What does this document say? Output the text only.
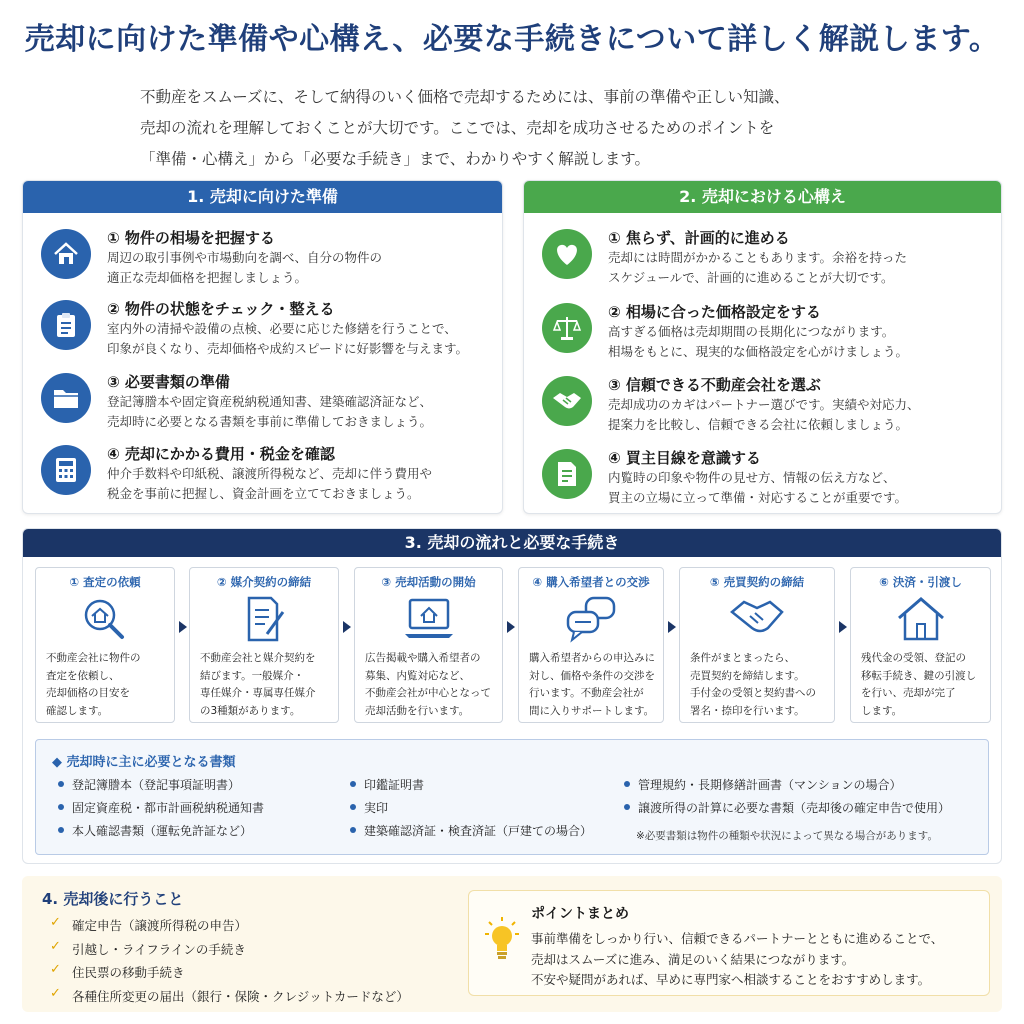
売却に向けた準備や心構え、必要な手続きについて詳しく解説します。
不動産をスムーズに、そして納得のいく価格で売却するためには、事前の準備や正しい知識、
売却の流れを理解しておくことが大切です。ここでは、売却を成功させるためのポイントを
「準備・心構え」から「必要な手続き」まで、わかりやすく解説します。
1. 売却に向けた準備
① 物件の相場を把握する
周辺の取引事例や市場動向を調べ、自分の物件の
適正な売却価格を把握しましょう。
② 物件の状態をチェック・整える
室内外の清掃や設備の点検、必要に応じた修繕を行うことで、
印象が良くなり、売却価格や成約スピードに好影響を与えます。
③ 必要書類の準備
登記簿謄本や固定資産税納税通知書、建築確認済証など、
売却時に必要となる書類を事前に準備しておきましょう。
④ 売却にかかる費用・税金を確認
仲介手数料や印紙税、譲渡所得税など、売却に伴う費用や
税金を事前に把握し、資金計画を立てておきましょう。
2. 売却における心構え
① 焦らず、計画的に進める
売却には時間がかかることもあります。余裕を持った
スケジュールで、計画的に進めることが大切です。
② 相場に合った価格設定をする
高すぎる価格は売却期間の長期化につながります。
相場をもとに、現実的な価格設定を心がけましょう。
③ 信頼できる不動産会社を選ぶ
売却成功のカギはパートナー選びです。実績や対応力、
提案力を比較し、信頼できる会社に依頼しましょう。
④ 買主目線を意識する
内覧時の印象や物件の見せ方、情報の伝え方など、
買主の立場に立って準備・対応することが重要です。
3. 売却の流れと必要な手続き
① 査定の依頼
不動産会社に物件の
査定を依頼し、
売却価格の目安を
確認します。
② 媒介契約の締結
不動産会社と媒介契約を
結びます。一般媒介・
専任媒介・専属専任媒介
の3種類があります。
③ 売却活動の開始
広告掲載や購入希望者の
募集、内覧対応など、
不動産会社が中心となって
売却活動を行います。
④ 購入希望者との交渉
購入希望者からの申込みに
対し、価格や条件の交渉を
行います。不動産会社が
間に入りサポートします。
⑤ 売買契約の締結
条件がまとまったら、
売買契約を締結します。
手付金の受領と契約書への
署名・捺印を行います。
⑥ 決済・引渡し
残代金の受領、登記の
移転手続き、鍵の引渡し
を行い、売却が完了
します。
◆ 売却時に主に必要となる書類
登記簿謄本（登記事項証明書）
固定資産税・都市計画税納税通知書
本人確認書類（運転免許証など）
印鑑証明書
実印
建築確認済証・検査済証（戸建ての場合）
管理規約・長期修繕計画書（マンションの場合）
譲渡所得の計算に必要な書類（売却後の確定申告で使用）
※必要書類は物件の種類や状況によって異なる場合があります。
4. 売却後に行うこと
✓ 確定申告（譲渡所得税の申告）
✓ 引越し・ライフラインの手続き
✓ 住民票の移動手続き
✓ 各種住所変更の届出（銀行・保険・クレジットカードなど）
ポイントまとめ
事前準備をしっかり行い、信頼できるパートナーとともに進めることで、
売却はスムーズに進み、満足のいく結果につながります。
不安や疑問があれば、早めに専門家へ相談することをおすすめします。
